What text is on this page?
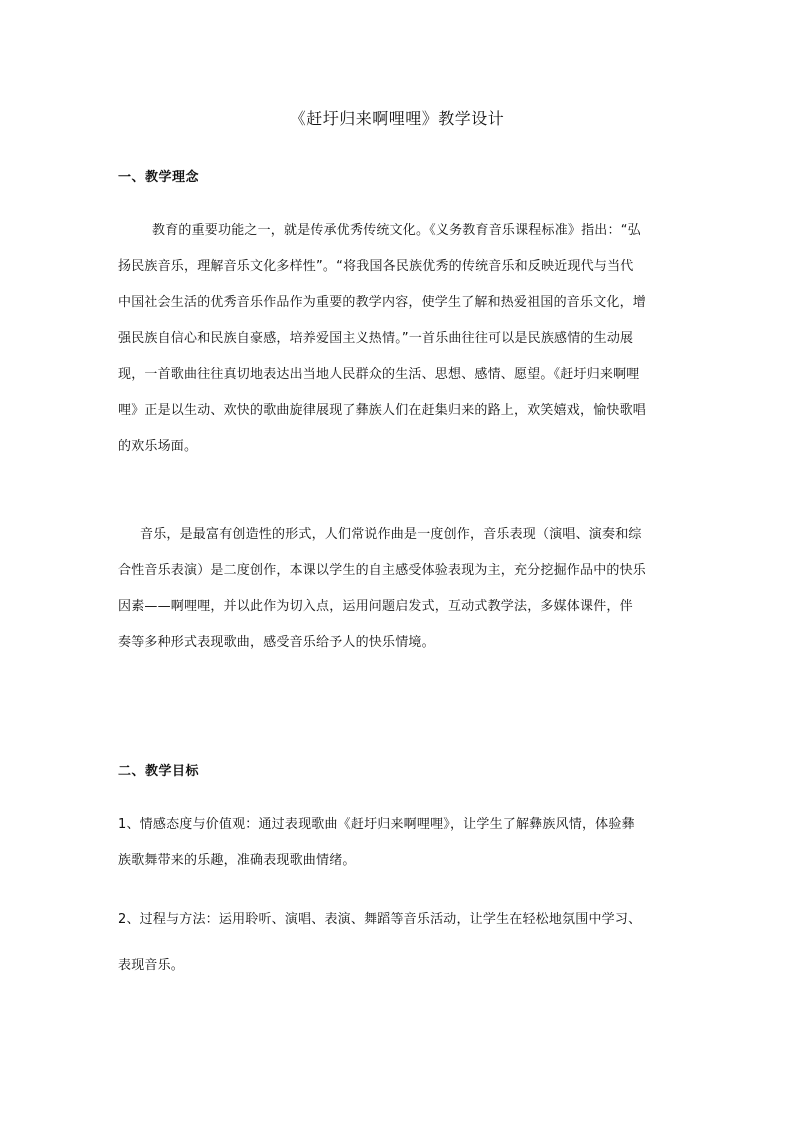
《赶圩归来啊哩哩》教学设计
一、教学理念
教育的重要功能之一，就是传承优秀传统文化。《义务教育音乐课程标准》指出：“弘
扬民族音乐，理解音乐文化多样性”。“将我国各民族优秀的传统音乐和反映近现代与当代
中国社会生活的优秀音乐作品作为重要的教学内容，使学生了解和热爱祖国的音乐文化，增
强民族自信心和民族自豪感，培养爱国主义热情。”一首乐曲往往可以是民族感情的生动展
现，一首歌曲往往真切地表达出当地人民群众的生活、思想、感情、愿望。《赶圩归来啊哩
哩》正是以生动、欢快的歌曲旋律展现了彝族人们在赶集归来的路上，欢笑嬉戏，愉快歌唱
的欢乐场面。
音乐，是最富有创造性的形式，人们常说作曲是一度创作，音乐表现（演唱、演奏和综
合性音乐表演）是二度创作，本课以学生的自主感受体验表现为主，充分挖掘作品中的快乐
因素——啊哩哩，并以此作为切入点，运用问题启发式，互动式教学法，多媒体课件，伴
奏等多种形式表现歌曲，感受音乐给予人的快乐情境。
二、教学目标
1、情感态度与价值观：通过表现歌曲《赶圩归来啊哩哩》，让学生了解彝族风情，体验彝
族歌舞带来的乐趣，准确表现歌曲情绪。
2、过程与方法：运用聆听、演唱、表演、舞蹈等音乐活动，让学生在轻松地氛围中学习、
表现音乐。
